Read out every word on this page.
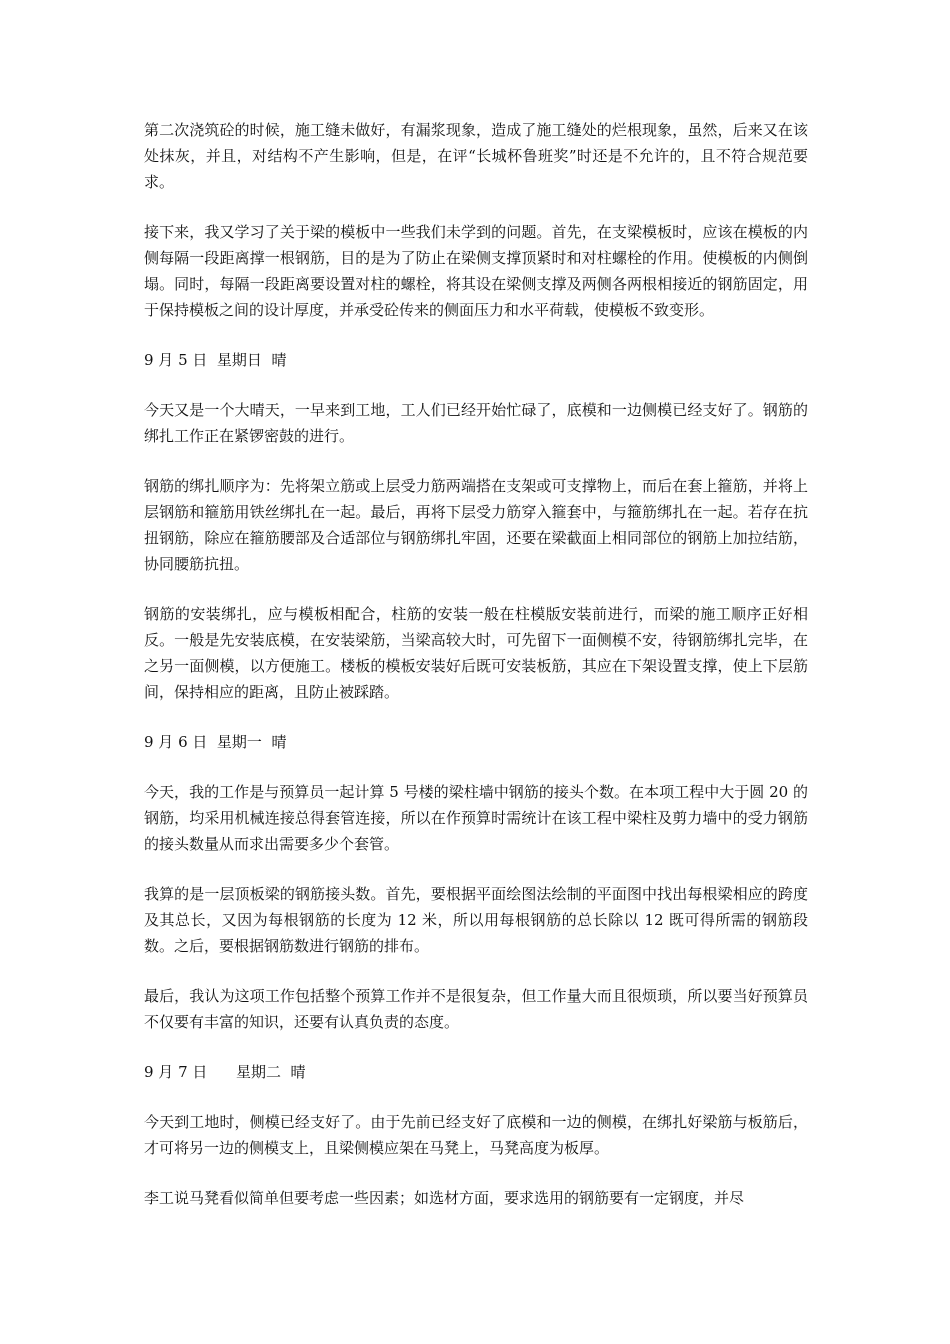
第二次浇筑砼的时候，施工缝未做好，有漏浆现象，造成了施工缝处的烂根现象，虽然，后来又在该处抹灰，并且，对结构不产生影响，但是，在评“长城杯鲁班奖”时还是不允许的，且不符合规范要求。

接下来，我又学习了关于梁的模板中一些我们未学到的问题。首先，在支梁模板时，应该在模板的内侧每隔一段距离撑一根钢筋，目的是为了防止在梁侧支撑顶紧时和对柱螺栓的作用。使模板的内侧倒塌。同时，每隔一段距离要设置对柱的螺栓，将其设在梁侧支撑及两侧各两根相接近的钢筋固定，用于保持模板之间的设计厚度，并承受砼传来的侧面压力和水平荷载，使模板不致变形。

9 月 5 日  星期日  晴

今天又是一个大晴天，一早来到工地，工人们已经开始忙碌了，底模和一边侧模已经支好了。钢筋的绑扎工作正在紧锣密鼓的进行。

钢筋的绑扎顺序为：先将架立筋或上层受力筋两端搭在支架或可支撑物上，而后在套上箍筋，并将上层钢筋和箍筋用铁丝绑扎在一起。最后，再将下层受力筋穿入箍套中，与箍筋绑扎在一起。若存在抗扭钢筋，除应在箍筋腰部及合适部位与钢筋绑扎牢固，还要在梁截面上相同部位的钢筋上加拉结筋，协同腰筋抗扭。

钢筋的安装绑扎，应与模板相配合，柱筋的安装一般在柱模版安装前进行，而梁的施工顺序正好相反。一般是先安装底模，在安装梁筋，当梁高较大时，可先留下一面侧模不安，待钢筋绑扎完毕，在之另一面侧模，以方便施工。楼板的模板安装好后既可安装板筋，其应在下架设置支撑，使上下层筋间，保持相应的距离，且防止被踩踏。

9 月 6 日  星期一  晴

今天，我的工作是与预算员一起计算 5 号楼的梁柱墙中钢筋的接头个数。在本项工程中大于圆 20 的钢筋，均采用机械连接总得套管连接，所以在作预算时需统计在该工程中梁柱及剪力墙中的受力钢筋的接头数量从而求出需要多少个套管。

我算的是一层顶板梁的钢筋接头数。首先，要根据平面绘图法绘制的平面图中找出每根梁相应的跨度及其总长，又因为每根钢筋的长度为 12 米，所以用每根钢筋的总长除以 12 既可得所需的钢筋段数。之后，要根据钢筋数进行钢筋的排布。

最后，我认为这项工作包括整个预算工作并不是很复杂，但工作量大而且很烦琐，所以要当好预算员不仅要有丰富的知识，还要有认真负责的态度。

9 月 7 日      星期二  晴

今天到工地时，侧模已经支好了。由于先前已经支好了底模和一边的侧模，在绑扎好梁筋与板筋后，才可将另一边的侧模支上，且梁侧模应架在马凳上，马凳高度为板厚。

李工说马凳看似简单但要考虑一些因素；如选材方面，要求选用的钢筋要有一定钢度，并尽
